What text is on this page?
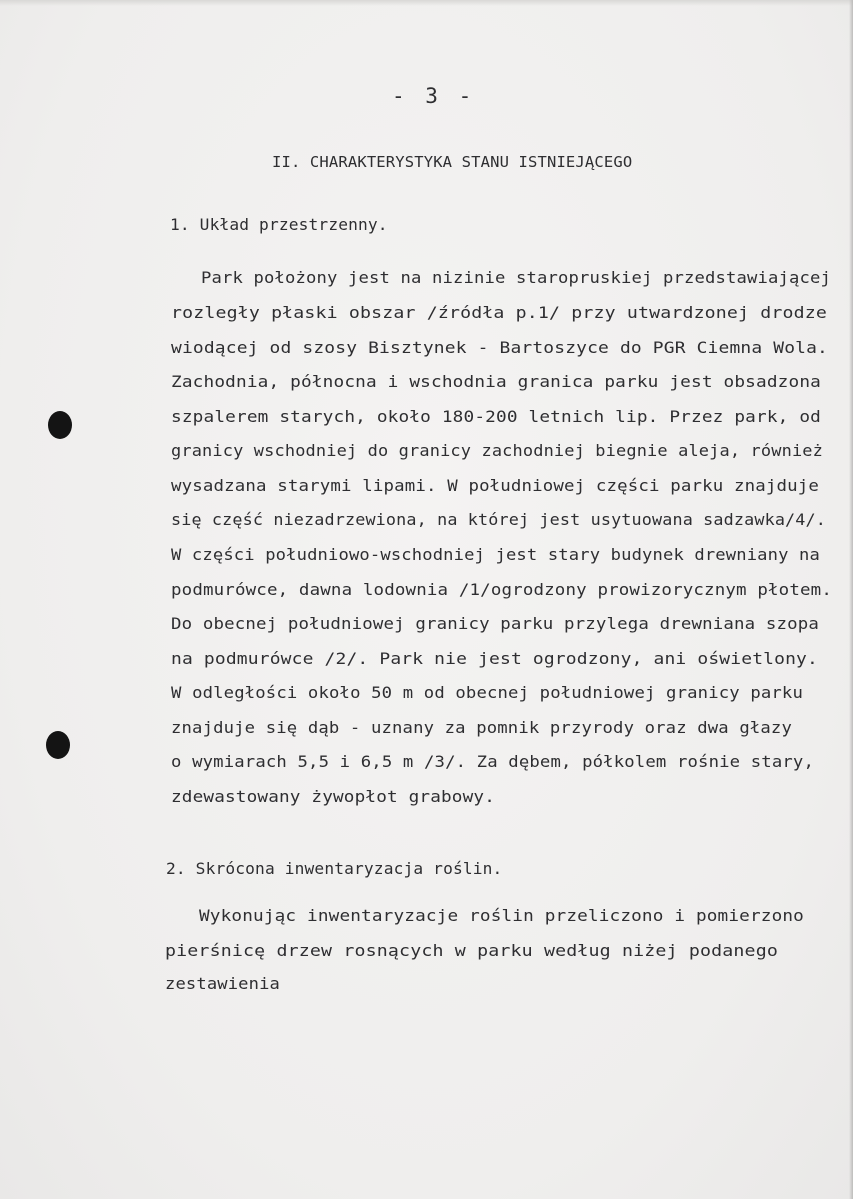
- 3 -
II. CHARAKTERYSTYKA STANU ISTNIEJĄCEGO
1. Układ przestrzenny.
Park położony jest na nizinie staropruskiej przedstawiającej
rozległy płaski obszar /źródła p.1/ przy utwardzonej drodze
wiodącej od szosy Bisztynek - Bartoszyce do PGR Ciemna Wola.
Zachodnia, północna i wschodnia granica parku jest obsadzona
szpalerem starych, około 180-200 letnich lip. Przez park, od
granicy wschodniej do granicy zachodniej biegnie aleja, również
wysadzana starymi lipami. W południowej części parku znajduje
się część niezadrzewiona, na której jest usytuowana sadzawka/4/.
W części południowo-wschodniej jest stary budynek drewniany na
podmurówce, dawna lodownia /1/ogrodzony prowizorycznym płotem.
Do obecnej południowej granicy parku przylega drewniana szopa
na podmurówce /2/. Park nie jest ogrodzony, ani oświetlony.
W odległości około 50 m od obecnej południowej granicy parku
znajduje się dąb - uznany za pomnik przyrody oraz dwa głazy
o wymiarach 5,5 i 6,5 m /3/. Za dębem, półkolem rośnie stary,
zdewastowany żywopłot grabowy.
2. Skrócona inwentaryzacja roślin.
Wykonując inwentaryzacje roślin przeliczono i pomierzono
pierśnicę drzew rosnących w parku według niżej podanego
zestawienia
